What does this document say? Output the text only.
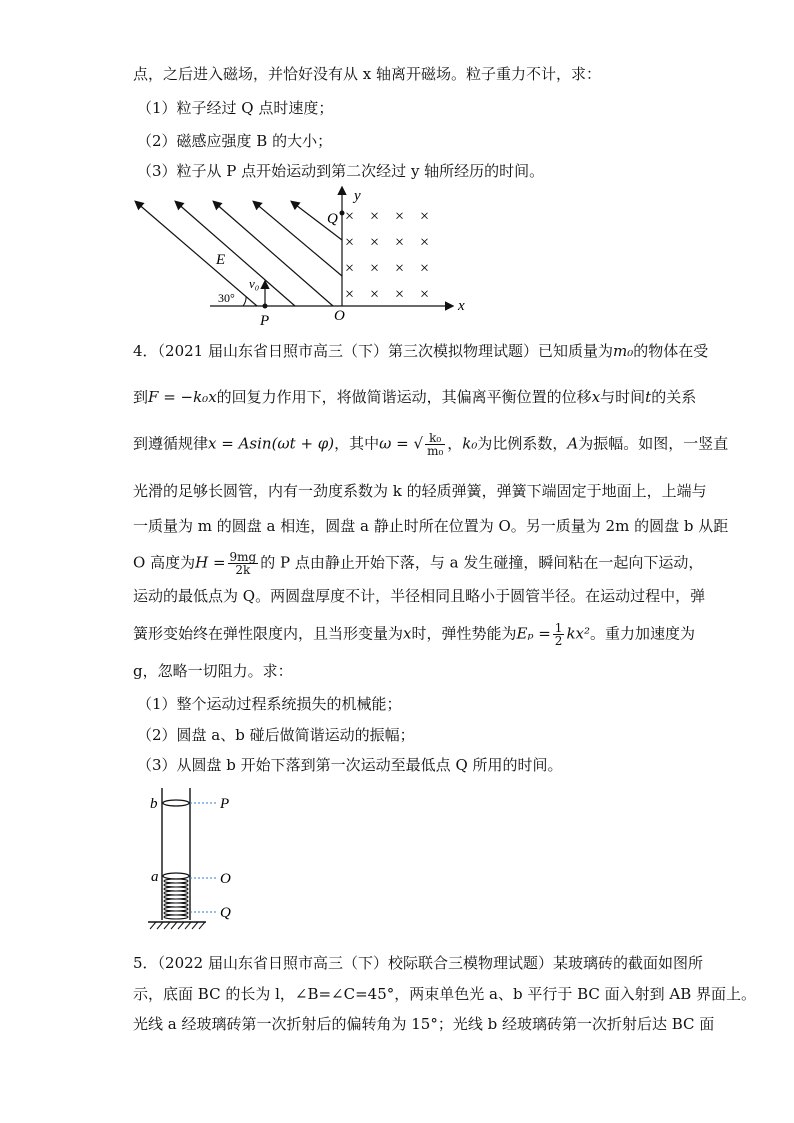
点，之后进入磁场，并恰好没有从 x 轴离开磁场。粒子重力不计，求：
（1）粒子经过 Q 点时速度；
（2）磁感应强度 B 的大小；
（3）粒子从 P 点开始运动到第二次经过 y 轴所经历的时间。
y
x
Q
E
v₀
30°
P	O
× × × ×
× × × ×
× × × ×
× × × ×
4．（2021 届山东省日照市高三（下）第三次模拟物理试题）已知质量为m₀的物体在受
到F = −k₀x的回复力作用下，将做简谐运动，其偏离平衡位置的位移x与时间t的关系
到遵循规律x = Asin(ωt + φ)，其中ω = √ $\frac{\text{k₀}}{\text{m₀}}$ ，k₀为比例系数，A为振幅。如图，一竖直
光滑的足够长圆管，内有一劲度系数为 k 的轻质弹簧，弹簧下端固定于地面上，上端与
一质量为 m 的圆盘 a 相连，圆盘 a 静止时所在位置为 O。另一质量为 2m 的圆盘 b 从距
O 高度为$H = \frac{9mg}{2k}$ 的 P 点由静止开始下落，与 a 发生碰撞，瞬间粘在一起向下运动，
运动的最低点为 Q。两圆盘厚度不计，半径相同且略小于圆管半径。在运动过程中，弹
簧形变始终在弹性限度内，且当形变量为x时，弹性势能为$E_p = \frac{1}{2} kx^2$。重力加速度为
g，忽略一切阻力。求：
（1）整个运动过程系统损失的机械能；
（2）圆盘 a、b 碰后做简谐运动的振幅；
（3）从圆盘 b 开始下落到第一次运动至最低点 Q 所用的时间。
b	P
a	O
Q
5．（2022 届山东省日照市高三（下）校际联合三模物理试题）某玻璃砖的截面如图所
示，底面 BC 的长为 l，∠B=∠C=45°，两束单色光 a、b 平行于 BC 面入射到 AB 界面上。
光线 a 经玻璃砖第一次折射后的偏转角为 15°；光线 b 经玻璃砖第一次折射后达 BC 面
